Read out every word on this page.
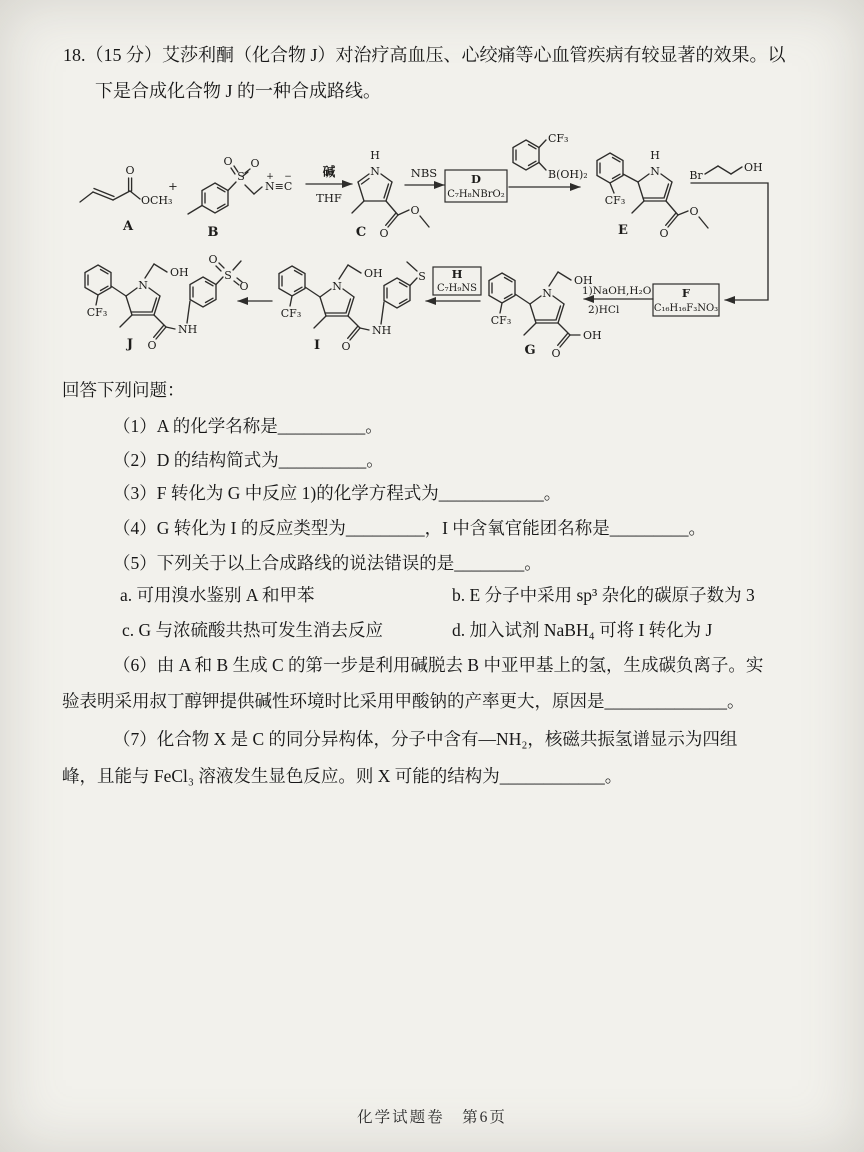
18.（15 分）艾莎利酮（化合物 J）对治疗高血压、心绞痛等心血管疾病有较显著的效果。以
下是合成化合物 J 的一种合成路线。
O
OCH₃
A
+
S
O O
N≡C
+ −
B
碱
THF
H
N
O
O
C
NBS	D
C₇H₈NBrO₂
CF₃
B(OH)₂
H
N
CF₃
O
O
E
Br
OH
F
C₁₆H₁₆F₃NO₃
1)NaOH,H₂O
2)HCl
N
OH
CF₃
O
OH
G
H
C₇H₉NS
N
OH
CF₃
O
NH
S
I
N
OH
CF₃
O
NH
S
O
O
J
回答下列问题：
（1）A 的化学名称是__________。
（2）D 的结构简式为__________。
（3）F 转化为 G 中反应 1)的化学方程式为____________。
（4）G 转化为 I 的反应类型为_________，I 中含氧官能团名称是_________。
（5）下列关于以上合成路线的说法错误的是________。
a. 可用溴水鉴别 A 和甲苯	b. E 分子中采用 sp³ 杂化的碳原子数为 3
c. G 与浓硫酸共热可发生消去反应	d. 加入试剂 NaBH₄ 可将 I 转化为 J
（6）由 A 和 B 生成 C 的第一步是利用碱脱去 B 中亚甲基上的氢，生成碳负离子。实
验表明采用叔丁醇钾提供碱性环境时比采用甲酸钠的产率更大，原因是______________。
（7）化合物 X 是 C 的同分异构体，分子中含有—NH₂，核磁共振氢谱显示为四组
峰，且能与 FeCl₃ 溶液发生显色反应。则 X 可能的结构为____________。
化学试题卷　第6页
